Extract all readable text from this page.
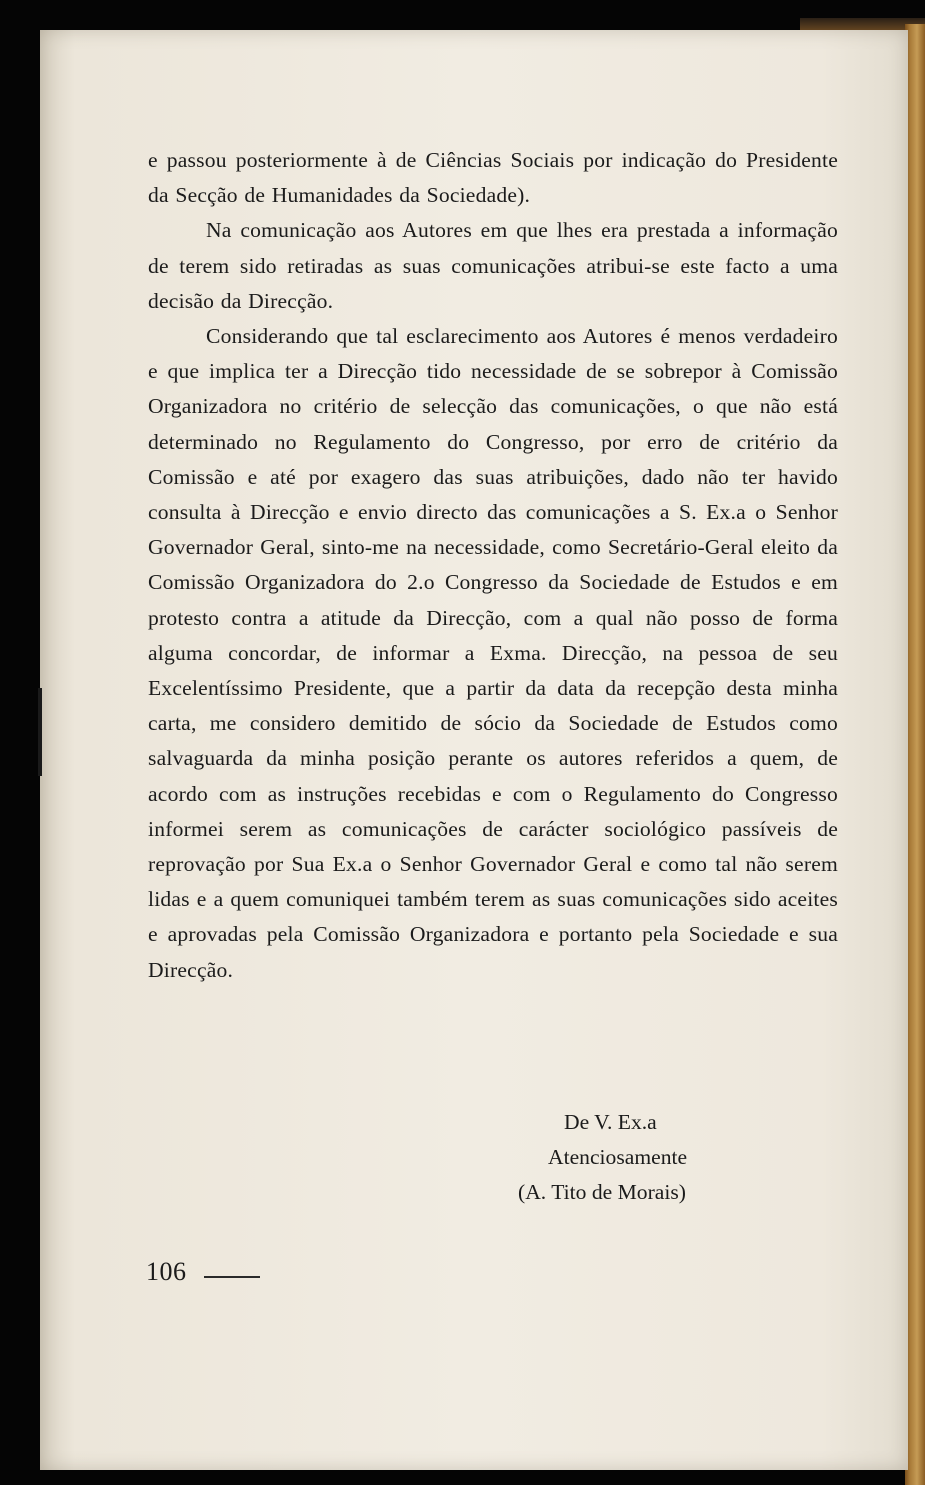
e passou posteriormente à de Ciências Sociais por indicação do Presidente da Secção de Humanidades da Sociedade).

Na comunicação aos Autores em que lhes era prestada a informação de terem sido retiradas as suas comunicações atribui-se este facto a uma decisão da Direcção.

Considerando que tal esclarecimento aos Autores é menos verdadeiro e que implica ter a Direcção tido necessidade de se sobrepor à Comissão Organizadora no critério de selecção das comunicações, o que não está determinado no Regulamento do Congresso, por erro de critério da Comissão e até por exagero das suas atribuições, dado não ter havido consulta à Direcção e envio directo das comunicações a S. Ex.a o Senhor Governador Geral, sinto-me na necessidade, como Secretário-Geral eleito da Comissão Organizadora do 2.o Congresso da Sociedade de Estudos e em protesto contra a atitude da Direcção, com a qual não posso de forma alguma concordar, de informar a Exma. Direcção, na pessoa de seu Excelentíssimo Presidente, que a partir da data da recepção desta minha carta, me considero demitido de sócio da Sociedade de Estudos como salvaguarda da minha posição perante os autores referidos a quem, de acordo com as instruções recebidas e com o Regulamento do Congresso informei serem as comunicações de carácter sociológico passíveis de reprovação por Sua Ex.a o Senhor Governador Geral e como tal não serem lidas e a quem comuniquei também terem as suas comunicações sido aceites e aprovadas pela Comissão Organizadora e portanto pela Sociedade e sua Direcção.

De V. Ex.a
Atenciosamente
(A. Tito de Morais)
106
